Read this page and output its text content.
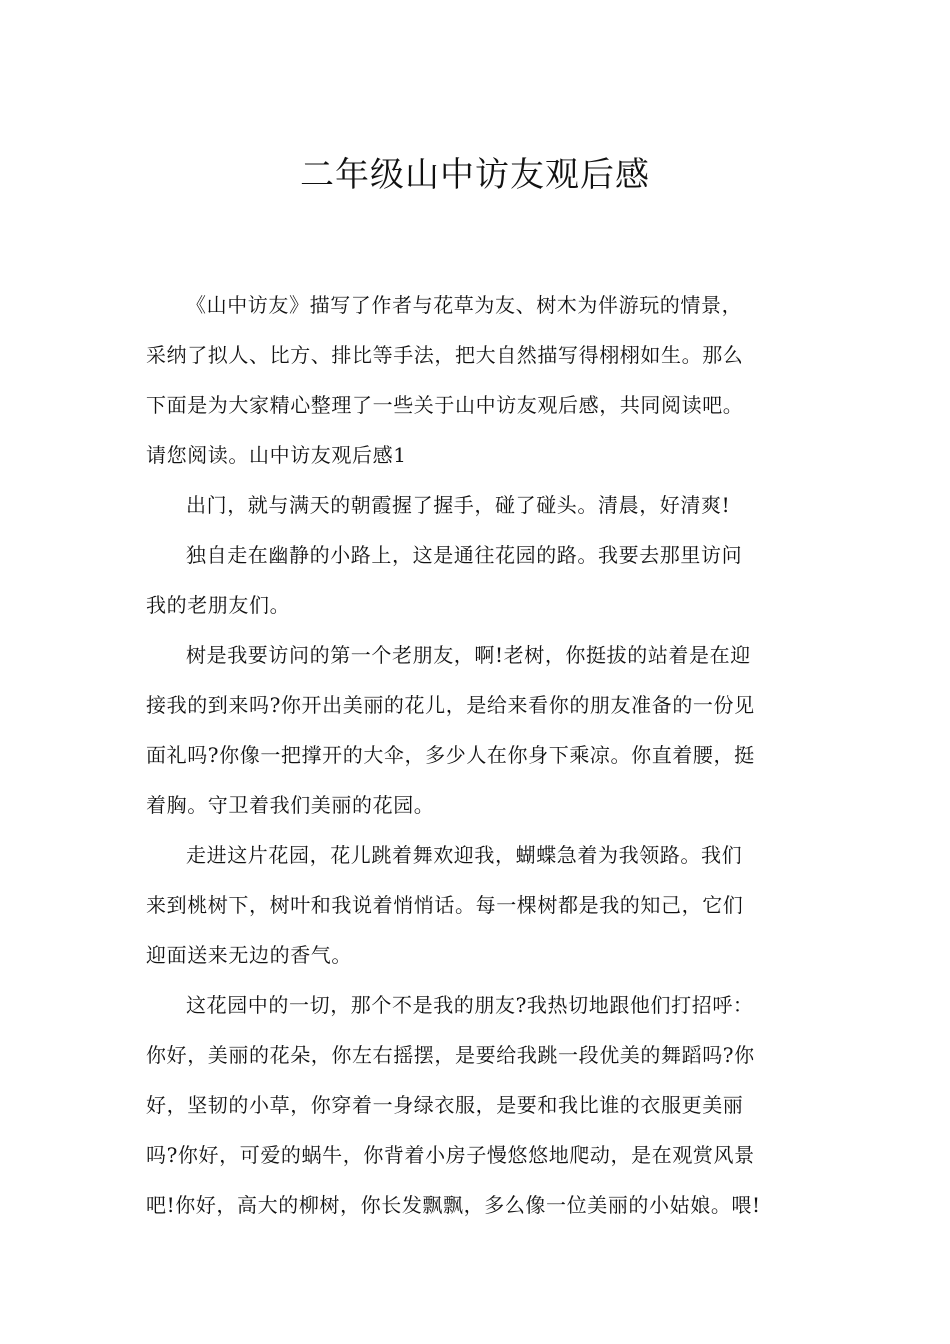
二年级山中访友观后感

《山中访友》描写了作者与花草为友、树木为伴游玩的情景，
采纳了拟人、比方、排比等手法，把大自然描写得栩栩如生。那么
下面是为大家精心整理了一些关于山中访友观后感，共同阅读吧。
请您阅读。山中访友观后感1

出门，就与满天的朝霞握了握手，碰了碰头。清晨，好清爽!

独自走在幽静的小路上，这是通往花园的路。我要去那里访问
我的老朋友们。

树是我要访问的第一个老朋友，啊!老树，你挺拔的站着是在迎
接我的到来吗?你开出美丽的花儿，是给来看你的朋友准备的一份见
面礼吗?你像一把撑开的大伞，多少人在你身下乘凉。你直着腰，挺
着胸。守卫着我们美丽的花园。

走进这片花园，花儿跳着舞欢迎我，蝴蝶急着为我领路。我们
来到桃树下，树叶和我说着悄悄话。每一棵树都是我的知己，它们
迎面送来无边的香气。

这花园中的一切，那个不是我的朋友?我热切地跟他们打招呼：
你好，美丽的花朵，你左右摇摆，是要给我跳一段优美的舞蹈吗?你
好，坚韧的小草，你穿着一身绿衣服，是要和我比谁的衣服更美丽
吗?你好，可爱的蜗牛，你背着小房子慢悠悠地爬动，是在观赏风景
吧!你好，高大的柳树，你长发飘飘，多么像一位美丽的小姑娘。喂!
